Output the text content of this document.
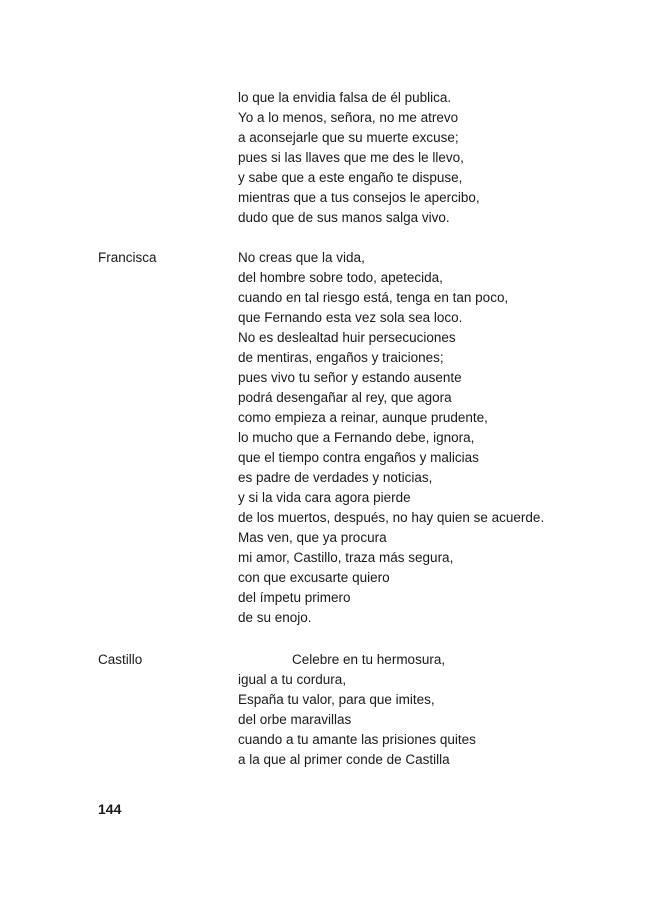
lo que la envidia falsa de él publica.
Yo a lo menos, señora, no me atrevo
a aconsejarle que su muerte excuse;
pues si las llaves que me des le llevo,
y sabe que a este engaño te dispuse,
mientras que a tus consejos le apercibo,
dudo que de sus manos salga vivo.
Francisca	No creas que la vida,
del hombre sobre todo, apetecida,
cuando en tal riesgo está, tenga en tan poco,
que Fernando esta vez sola sea loco.
No es deslealtad huir persecuciones
de mentiras, engaños y traiciones;
pues vivo tu señor y estando ausente
podrá desengañar al rey, que agora
como empieza a reinar, aunque prudente,
lo mucho que a Fernando debe, ignora,
que el tiempo contra engaños y malicias
es padre de verdades y noticias,
y si la vida cara agora pierde
de los muertos, después, no hay quien se acuerde.
Mas ven, que ya procura
mi amor, Castillo, traza más segura,
con que excusarte quiero
del ímpetu primero
de su enojo.
Castillo	Celebre en tu hermosura,
igual a tu cordura,
España tu valor, para que imites,
del orbe maravillas
cuando a tu amante las prisiones quites
a la que al primer conde de Castilla
144
